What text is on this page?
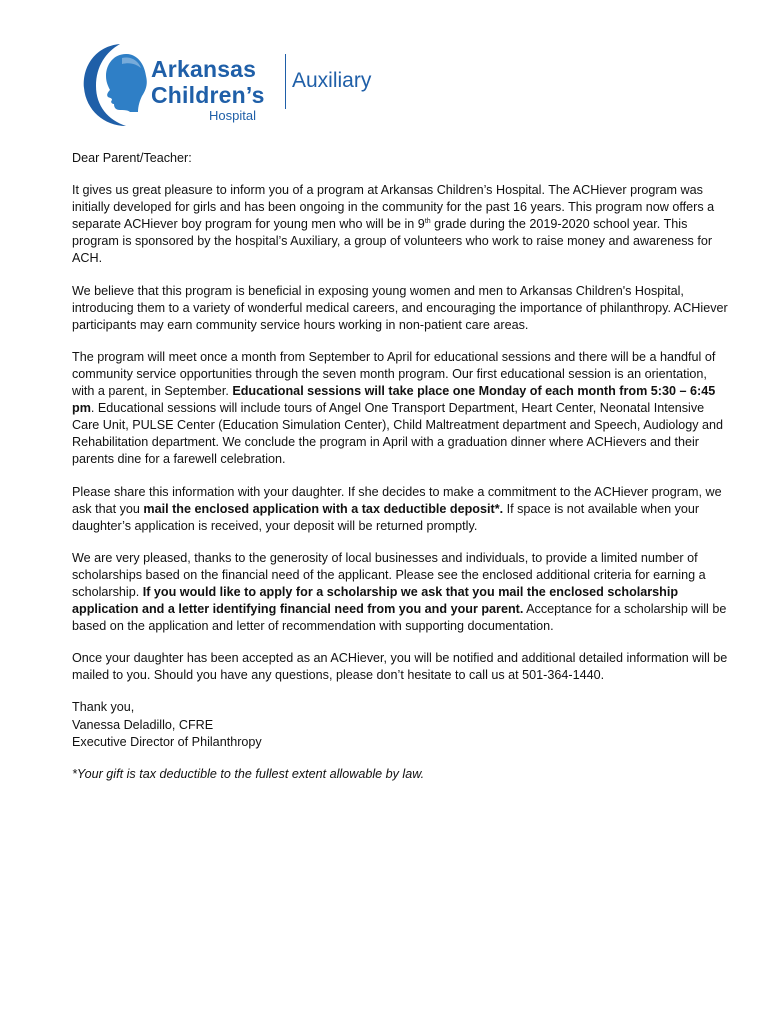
Arkansas
Children’s
Hospital
Auxiliary

Dear Parent/Teacher:

It gives us great pleasure to inform you of a program at Arkansas Children’s Hospital. The ACHiever program was initially developed for girls and has been ongoing in the community for the past 16 years. This program now offers a separate ACHiever boy program for young men who will be in 9th grade during the 2019-2020 school year. This program is sponsored by the hospital’s Auxiliary, a group of volunteers who work to raise money and awareness for ACH.

We believe that this program is beneficial in exposing young women and men to Arkansas Children's Hospital, introducing them to a variety of wonderful medical careers, and encouraging the importance of philanthropy. ACHiever participants may earn community service hours working in non-patient care areas.

The program will meet once a month from September to April for educational sessions and there will be a handful of community service opportunities through the seven month program. Our first educational session is an orientation, with a parent, in September. Educational sessions will take place one Monday of each month from 5:30 – 6:45 pm. Educational sessions will include tours of Angel One Transport Department, Heart Center, Neonatal Intensive Care Unit, PULSE Center (Education Simulation Center), Child Maltreatment department and Speech, Audiology and Rehabilitation department. We conclude the program in April with a graduation dinner where ACHievers and their parents dine for a farewell celebration.

Please share this information with your daughter. If she decides to make a commitment to the ACHiever program, we ask that you mail the enclosed application with a tax deductible deposit*. If space is not available when your daughter’s application is received, your deposit will be returned promptly.

We are very pleased, thanks to the generosity of local businesses and individuals, to provide a limited number of scholarships based on the financial need of the applicant. Please see the enclosed additional criteria for earning a scholarship. If you would like to apply for a scholarship we ask that you mail the enclosed scholarship application and a letter identifying financial need from you and your parent. Acceptance for a scholarship will be based on the application and letter of recommendation with supporting documentation.

Once your daughter has been accepted as an ACHiever, you will be notified and additional detailed information will be mailed to you. Should you have any questions, please don’t hesitate to call us at 501-364-1440.

Thank you,

Vanessa Deladillo, CFRE

Executive Director of Philanthropy

*Your gift is tax deductible to the fullest extent allowable by law.
